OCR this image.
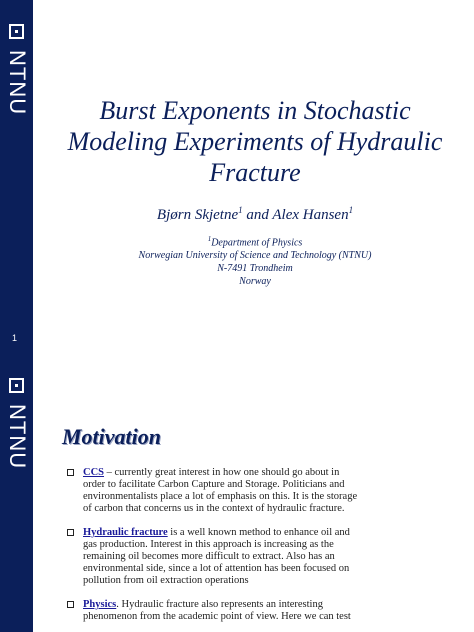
NTNU	Burst Exponents in Stochastic
Modeling Experiments of Hydraulic
Fracture
Bjørn Skjetne$^1$ and Alex Hansen$^1$
$^1$Department of Physics
Norwegian University of Science and Technology (NTNU)
N-7491 Trondheim
Norway
1
NTNU Motivation
CCS – currently great interest in how one should go about in order to facilitate Carbon Capture and Storage. Politicians and environmentalists place a lot of emphasis on this. It is the storage of carbon that concerns us in the context of hydraulic fracture.
Hydraulic fracture is a well known method to enhance oil and gas production. Interest in this approach is increasing as the remaining oil becomes more difficult to extract. Also has an environmental side, since a lot of attention has been focused on pollution from oil extraction operations
Physics. Hydraulic fracture also represents an interesting phenomenon from the academic point of view. Here we can test
